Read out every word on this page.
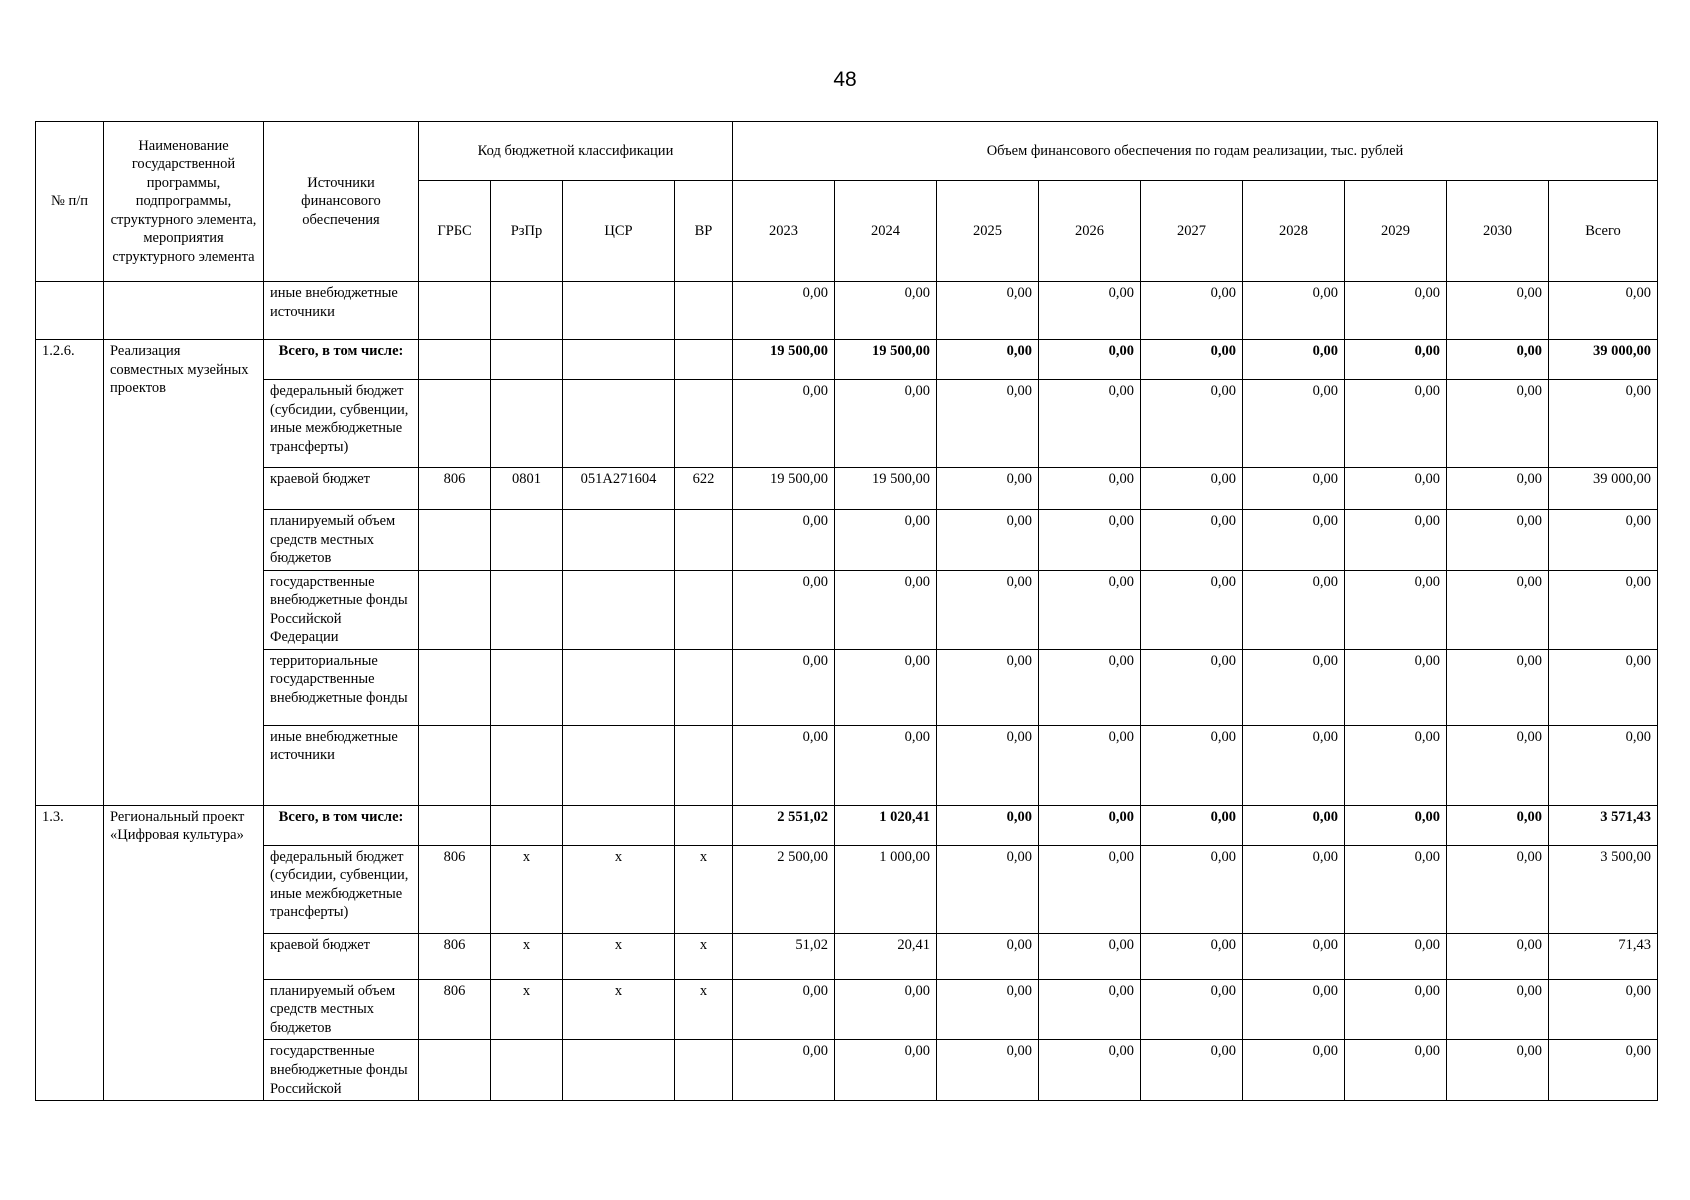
48
№ п/п	Наименование государственной программы, подпрограммы, структурного элемента, мероприятия структурного элемента	Источники финансового обеспечения	Код бюджетной классификации				Объем финансового обеспечения по годам реализации, тыс. рублей								
			ГРБС	РзПр	ЦСР	ВР	2023	2024	2025	2026	2027	2028	2029	2030	Всего
		иные внебюджетные источники					0,00	0,00	0,00	0,00	0,00	0,00	0,00	0,00	0,00
1.2.6.	Реализация совместных музейных проектов	Всего, в том числе:					19 500,00	19 500,00	0,00	0,00	0,00	0,00	0,00	0,00	39 000,00
		федеральный бюджет (субсидии, субвенции, иные межбюджетные трансферты)					0,00	0,00	0,00	0,00	0,00	0,00	0,00	0,00	0,00
		краевой бюджет	806	0801	051A271604	622	19 500,00	19 500,00	0,00	0,00	0,00	0,00	0,00	0,00	39 000,00
		планируемый объем средств местных бюджетов					0,00	0,00	0,00	0,00	0,00	0,00	0,00	0,00	0,00
		государственные внебюджетные фонды Российской Федерации					0,00	0,00	0,00	0,00	0,00	0,00	0,00	0,00	0,00
		территориальные государственные внебюджетные фонды					0,00	0,00	0,00	0,00	0,00	0,00	0,00	0,00	0,00
		иные внебюджетные источники					0,00	0,00	0,00	0,00	0,00	0,00	0,00	0,00	0,00
1.3.	Региональный проект «Цифровая культура»	Всего, в том числе:					2 551,02	1 020,41	0,00	0,00	0,00	0,00	0,00	0,00	3 571,43
		федеральный бюджет (субсидии, субвенции, иные межбюджетные трансферты)	806	x	x	x	2 500,00	1 000,00	0,00	0,00	0,00	0,00	0,00	0,00	3 500,00
		краевой бюджет	806	x	x	x	51,02	20,41	0,00	0,00	0,00	0,00	0,00	0,00	71,43
		планируемый объем средств местных бюджетов	806	x	x	x	0,00	0,00	0,00	0,00	0,00	0,00	0,00	0,00	0,00
		государственные внебюджетные фонды Российской					0,00	0,00	0,00	0,00	0,00	0,00	0,00	0,00	0,00
